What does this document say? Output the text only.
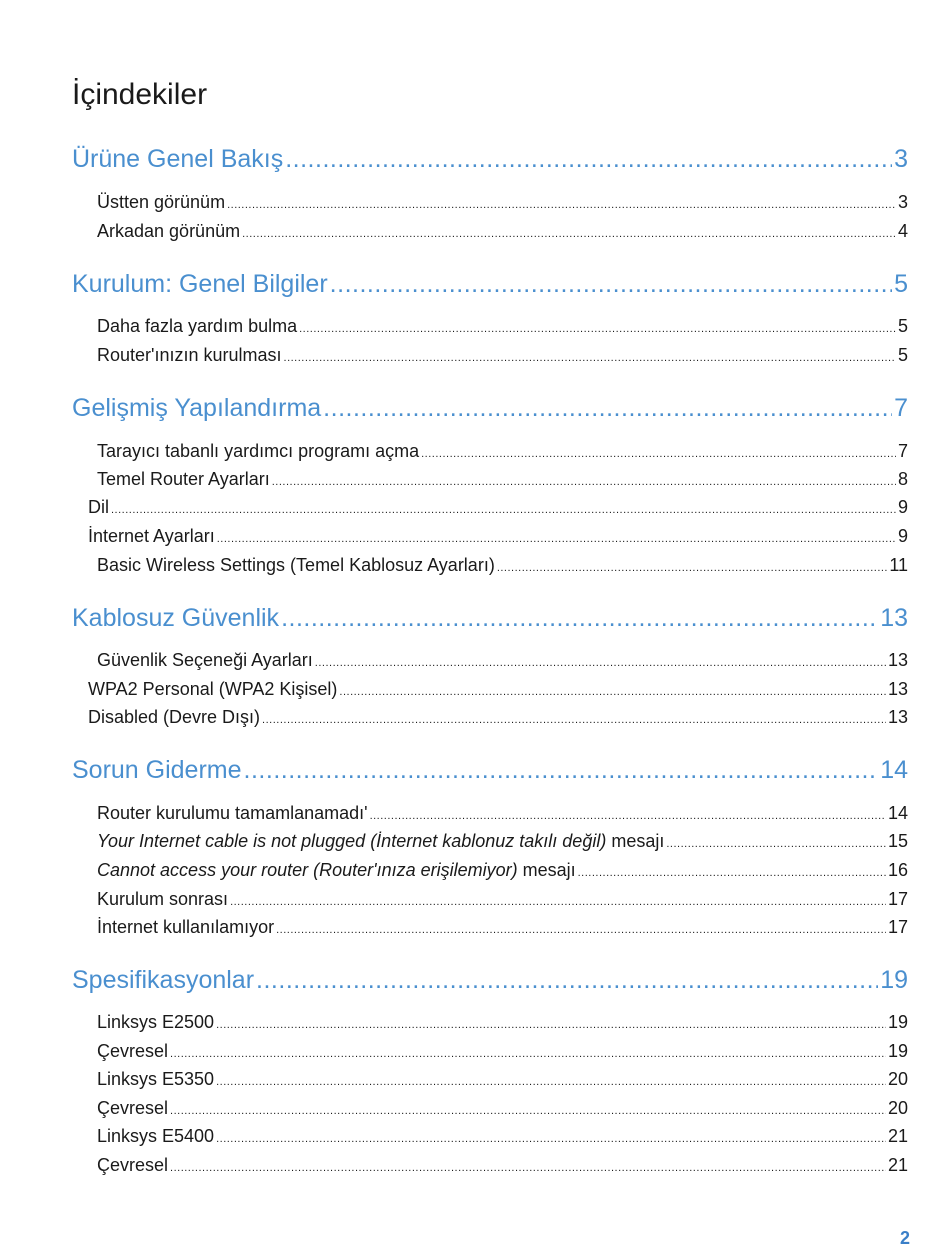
İçindekiler
Ürüne Genel Bakış .....	3
Üstten görünüm .....	3
Arkadan görünüm .....	4
Kurulum: Genel Bilgiler .....	5
Daha fazla yardım bulma .....	5
Router'ınızın kurulması .....	5
Gelişmiş Yapılandırma .....	7
Tarayıcı tabanlı yardımcı programı açma .....	7
Temel Router Ayarları .....	8
Dil .....	9
İnternet Ayarları .....	9
Basic Wireless Settings (Temel Kablosuz Ayarları) .....	11
Kablosuz Güvenlik .....	13
Güvenlik Seçeneği Ayarları .....	13
WPA2 Personal (WPA2 Kişisel) .....	13
Disabled (Devre Dışı) .....	13
Sorun Giderme .....	14
Router kurulumu tamamlanamadı' .....	14
Your Internet cable is not plugged (İnternet kablonuz takılı değil) mesajı .....	15
Cannot access your router (Router'ınıza erişilemiyor) mesajı .....	16
Kurulum sonrası .....	17
İnternet kullanılamıyor .....	17
Spesifikasyonlar .....	19
Linksys E2500 .....	19
Çevresel .....	19
Linksys E5350 .....	20
Çevresel .....	20
Linksys E5400 .....	21
Çevresel .....	21
2
